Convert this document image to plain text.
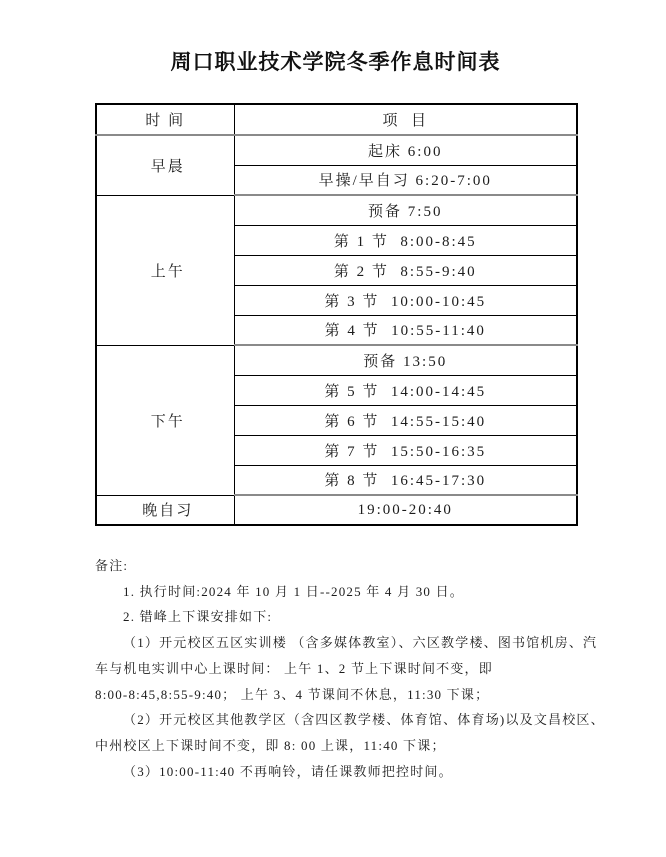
周口职业技术学院冬季作息时间表
时 间	项  目
早晨	起床 6:00
	早操/早自习 6:20-7:00
上午	预备 7:50
	第 1 节  8:00-8:45
	第 2 节  8:55-9:40
	第 3 节  10:00-10:45
	第 4 节  10:55-11:40
下午	预备 13:50
	第 5 节  14:00-14:45
	第 6 节  14:55-15:40
	第 7 节  15:50-16:35
	第 8 节  16:45-17:30
晚自习	19:00-20:40
备注:
1. 执行时间:2024 年 10 月 1 日--2025 年 4 月 30 日。
2. 错峰上下课安排如下:
（1）开元校区五区实训楼 （含多媒体教室）、六区教学楼、图书馆机房、汽
车与机电实训中心上课时间： 上午 1、2 节上下课时间不变，即
8:00-8:45,8:55-9:40； 上午 3、4 节课间不休息，11:30 下课；
（2）开元校区其他教学区（含四区教学楼、体育馆、体育场)以及文昌校区、
中州校区上下课时间不变，即 8: 00 上课，11:40 下课；
（3）10:00-11:40 不再响铃，请任课教师把控时间。
